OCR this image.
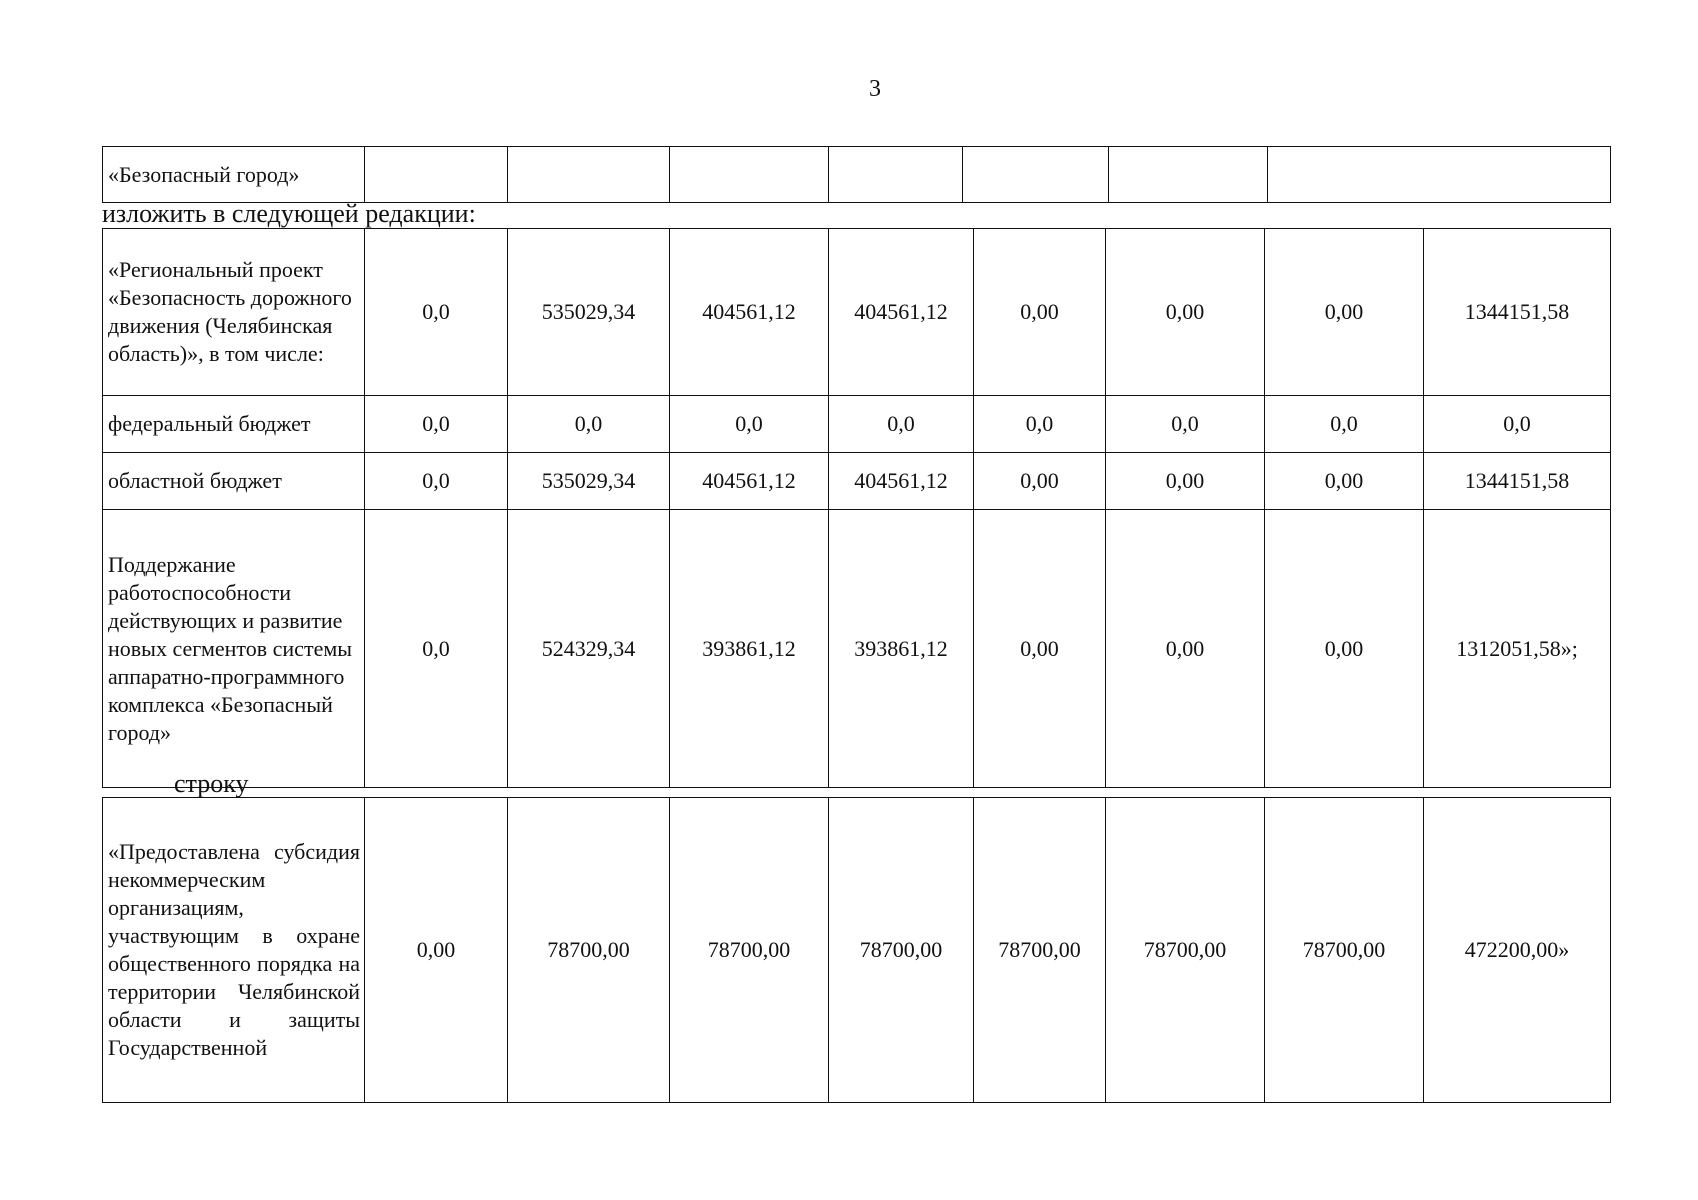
3
«Безопасный город»							
изложить в следующей редакции:
«Региональный проект «Безопасность дорожного движения (Челябинская область)», в том числе:	0,0	535029,34	404561,12	404561,12	0,00	0,00	0,00	1344151,58
федеральный бюджет	0,0	0,0	0,0	0,0	0,0	0,0	0,0	0,0
областной бюджет	0,0	535029,34	404561,12	404561,12	0,00	0,00	0,00	1344151,58
Поддержание работоспособности действующих и развитие новых сегментов системы аппаратно-программного комплекса «Безопасный город»	0,0	524329,34	393861,12	393861,12	0,00	0,00	0,00	1312051,58»;
строку
«Предоставлена субсидия некоммерческим организациям, участвующим в охране общественного порядка на территории Челябинской области и защиты Государственной	0,00	78700,00	78700,00	78700,00	78700,00	78700,00	78700,00	472200,00»
